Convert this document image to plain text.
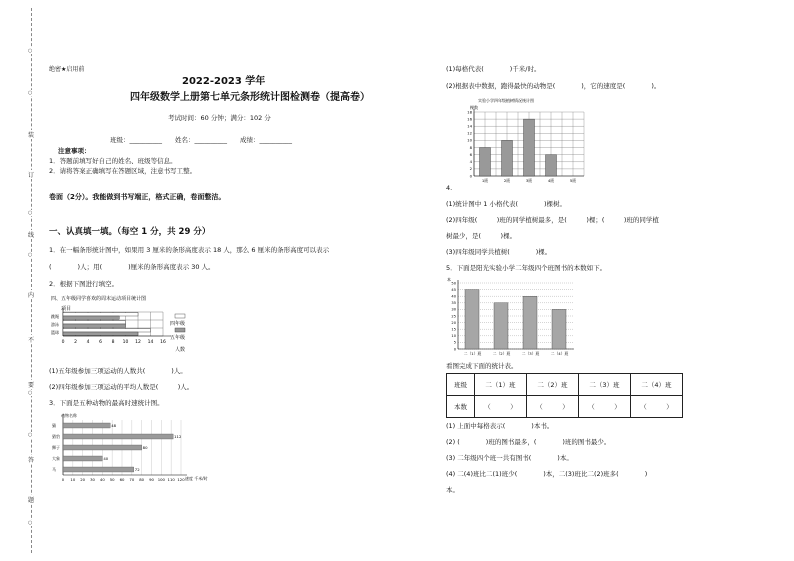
○
○
○
○
○
○
○
装
订
线
内
不
要
答
题
绝密★启用前
2022-2023 学年
四年级数学上册第七单元条形统计图检测卷（提高卷）
考试时间：60 分钟；满分：102 分
班级：__________　　姓名：__________　　成绩：__________
注意事项：
1．答题前填写好自己的姓名、班级等信息。
2．请将答案正确填写在答题区域，注意书写工整。
卷面（2分）。我能做到书写端正，格式正确，卷面整洁。
一、认真填一填。（每空 1 分，共 29 分）
1．在一幅条形统计图中，如果用 3 厘米的条形高度表示 18 人，那么 6 厘米的条形高度可以表示
(　　　　)人；用(　　　　)厘米的条形高度表示 30 人。
2．根据下图进行填空。
四、五年级同学喜欢的周末运动项目统计图
项目
跳绳
游泳
篮球
0 2 4 6 8 10 12 14 16
人数
四年级
五年级
(1)五年级参加三项运动的人数共(　　　　)人。
(2)四年级参加三项运动的平均人数是(　　　)人。
3．下面是五种动物的最高时速统计图。
动物名称
48
112
80
40
72
猫
猎豹
狮子
大象
马
0 10 20 30 40 50 60 70 80 90 100 110 120 速度 千米/时
(1)每格代表(　　　　)千米/时。
(2)根据表中数据，跑得最快的动物是(　　　　)，它的速度是(　　　　)。
实验小学四年级植树情况统计图
棵数
1班	2班	3班	4班	5班
0
2
4
6
8
10
12
14
16
18
4.
(1)统计图中 1 小格代表(　　　　)棵树。
(2)四年级(　　　)班的同学植树最多，是(　　　)棵；(　　　)班的同学植
树最少，是(　　　)棵。
(3)四年级同学共植树(　　　　)棵。
5．下面是阳光实验小学二年级四个班图书的本数如下。
本
二（1）班	二（2）班	二（3）班	二（4）班
0
5
10
15
20
25
30
35
40
45
50
看图完成下面的统计表。
班级	二（1）班	二（2）班	二（3）班	二（4）班
本数	（　　　）	（　　　）	（　　　）	（　　　）
(1) 上面中每格表示(　　　　)本书。
(2) (　　　　)班的图书最多，(　　　　)班的图书最少。
(3) 二年级四个班一共有图书(　　　　)本。
(4) 二(4)班比二(1)班少(　　　　)本，二(3)班比二(2)班多(　　　　)
本。
